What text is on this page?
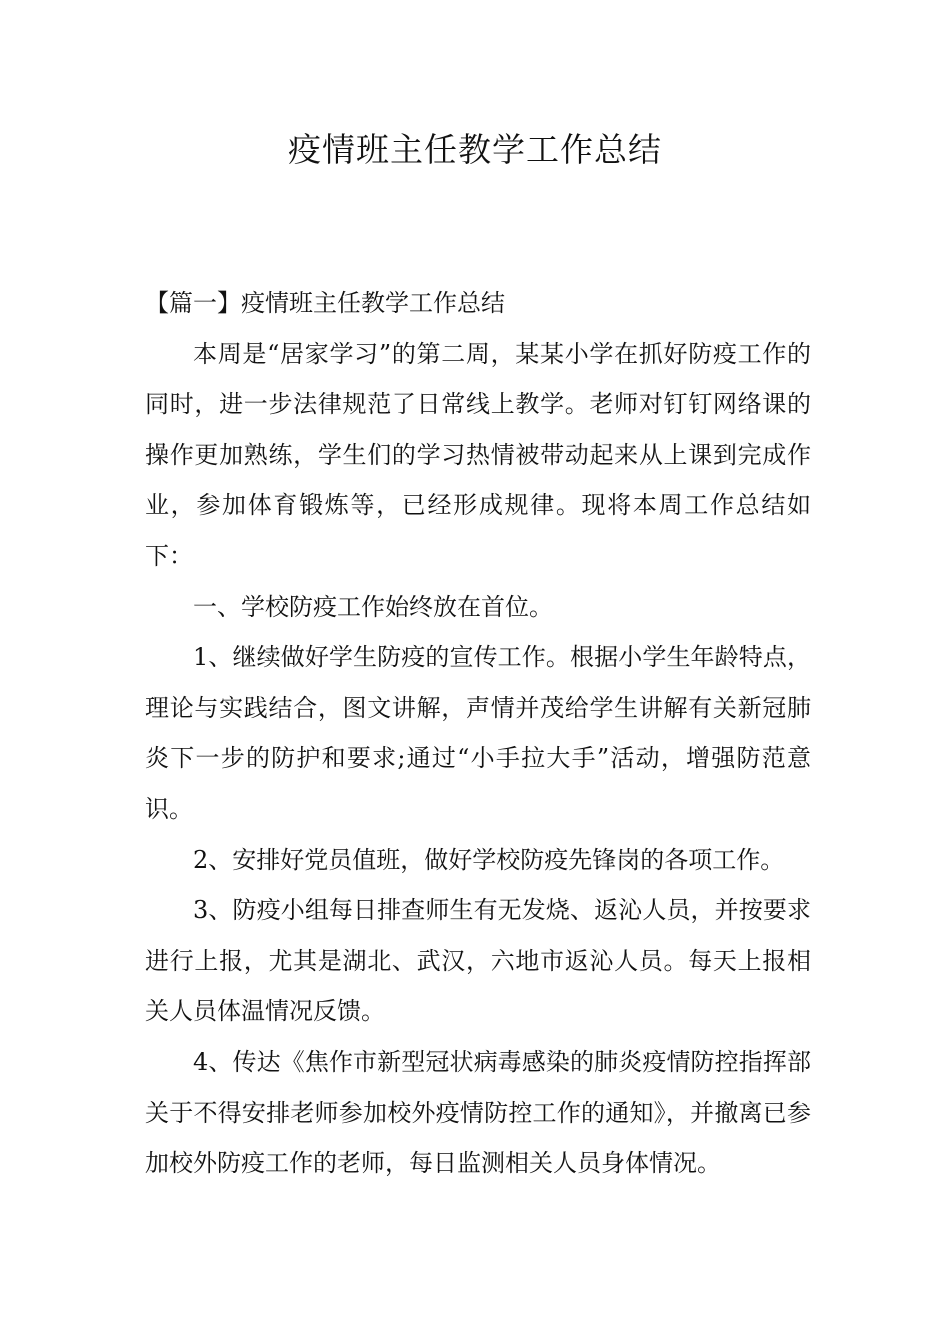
疫情班主任教学工作总结

【篇一】疫情班主任教学工作总结

本周是“居家学习”的第二周，某某小学在抓好防疫工作的同时，进一步法律规范了日常线上教学。老师对钉钉网络课的操作更加熟练，学生们的学习热情被带动起来从上课到完成作业，参加体育锻炼等，已经形成规律。现将本周工作总结如下：

一、学校防疫工作始终放在首位。

1、继续做好学生防疫的宣传工作。根据小学生年龄特点，理论与实践结合，图文讲解，声情并茂给学生讲解有关新冠肺炎下一步的防护和要求;通过“小手拉大手”活动，增强防范意识。

2、安排好党员值班，做好学校防疫先锋岗的各项工作。

3、防疫小组每日排查师生有无发烧、返沁人员，并按要求进行上报，尤其是湖北、武汉，六地市返沁人员。每天上报相关人员体温情况反馈。

4、传达《焦作市新型冠状病毒感染的肺炎疫情防控指挥部关于不得安排老师参加校外疫情防控工作的通知》，并撤离已参加校外防疫工作的老师，每日监测相关人员身体情况。
